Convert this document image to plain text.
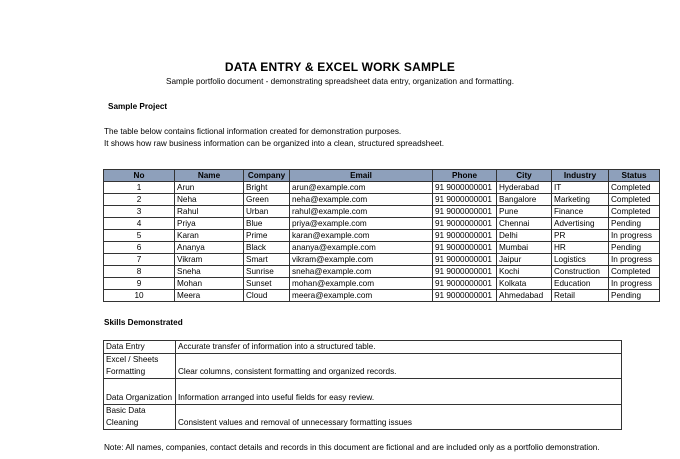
DATA ENTRY & EXCEL WORK SAMPLE
Sample portfolio document - demonstrating spreadsheet data entry, organization and formatting.
Sample Project
The table below contains fictional information created for demonstration purposes.
It shows how raw business information can be organized into a clean, structured spreadsheet.
No	Name	Company	Email	Phone	City	Industry	Status
1	Arun	Bright	arun@example.com	91 9000000001	Hyderabad	IT	Completed
2	Neha	Green	neha@example.com	91 9000000001	Bangalore	Marketing	Completed
3	Rahul	Urban	rahul@example.com	91 9000000001	Pune	Finance	Completed
4	Priya	Blue	priya@example.com	91 9000000001	Chennai	Advertising	Pending
5	Karan	Prime	karan@example.com	91 9000000001	Delhi	PR	In progress
6	Ananya	Black	ananya@example.com	91 9000000001	Mumbai	HR	Pending
7	Vikram	Smart	vikram@example.com	91 9000000001	Jaipur	Logistics	In progress
8	Sneha	Sunrise	sneha@example.com	91 9000000001	Kochi	Construction	Completed
9	Mohan	Sunset	mohan@example.com	91 9000000001	Kolkata	Education	In progress
10	Meera	Cloud	meera@example.com	91 9000000001	Ahmedabad	Retail	Pending
Skills Demonstrated
Data Entry	Accurate transfer of information into a structured table.
Excel / Sheets
Formatting	Clear columns, consistent formatting and organized records.
Data Organization	Information arranged into useful fields for easy review.
Basic Data
Cleaning	Consistent values and removal of unnecessary formatting issues
Note: All names, companies, contact details and records in this document are fictional and are included only as a portfolio demonstration.
